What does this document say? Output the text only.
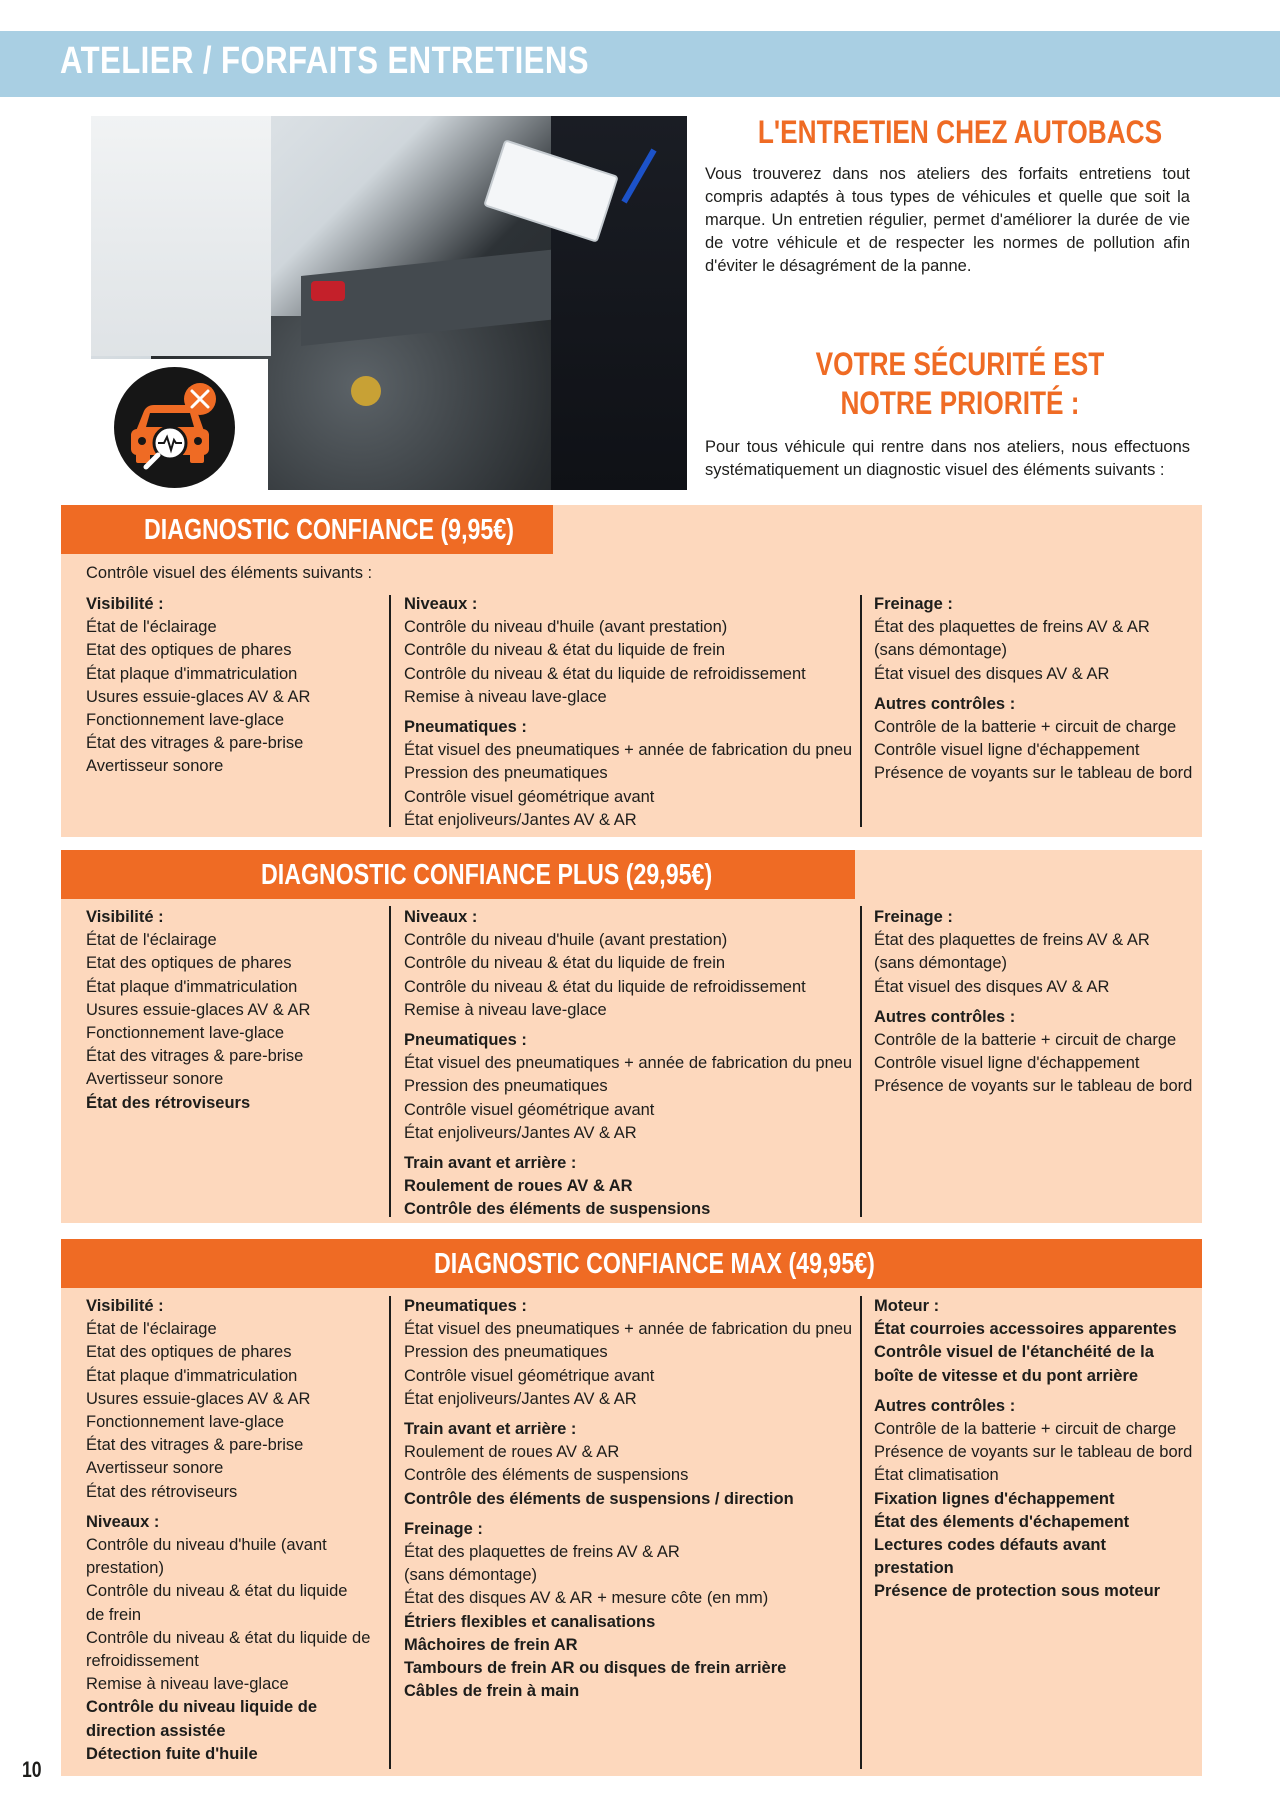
ATELIER / FORFAITS ENTRETIENS
L'ENTRETIEN CHEZ AUTOBACS

Vous trouverez dans nos ateliers des forfaits entretiens tout compris adaptés à tous types de véhicules et quelle que soit la marque. Un entretien régulier, permet d'améliorer la durée de vie de votre véhicule et de respecter les normes de pollution afin d'éviter le désagrément de la panne.

VOTRE SÉCURITÉ EST
NOTRE PRIORITÉ :

Pour tous véhicule qui rentre dans nos ateliers, nous effectuons systématiquement un diagnostic visuel des éléments suivants :

DIAGNOSTIC CONFIANCE (9,95€)
DIAGNOSTIC CONFIANCE PLUS (29,95€)
DIAGNOSTIC CONFIANCE MAX (49,95€)
Contrôle visuel des éléments suivants :
Visibilité :
État de l'éclairage
Etat des optiques de phares
État plaque d'immatriculation
Usures essuie-glaces AV & AR
Fonctionnement lave-glace
État des vitrages & pare-brise
Avertisseur sonore
Niveaux :
Contrôle du niveau d'huile (avant prestation)
Contrôle du niveau & état du liquide de frein
Contrôle du niveau & état du liquide de refroidissement
Remise à niveau lave-glace
Pneumatiques :
État visuel des pneumatiques + année de fabrication du pneu
Pression des pneumatiques
Contrôle visuel géométrique avant
État enjoliveurs/Jantes AV & AR
Freinage :
État des plaquettes de freins AV & AR
(sans démontage)
État visuel des disques AV & AR
Autres contrôles :
Contrôle de la batterie + circuit de charge
Contrôle visuel ligne d'échappement
Présence de voyants sur le tableau de bord
Visibilité :
État de l'éclairage
Etat des optiques de phares
État plaque d'immatriculation
Usures essuie-glaces AV & AR
Fonctionnement lave-glace
État des vitrages & pare-brise
Avertisseur sonore
État des rétroviseurs
Niveaux :
Contrôle du niveau d'huile (avant prestation)
Contrôle du niveau & état du liquide de frein
Contrôle du niveau & état du liquide de refroidissement
Remise à niveau lave-glace
Pneumatiques :
État visuel des pneumatiques + année de fabrication du pneu
Pression des pneumatiques
Contrôle visuel géométrique avant
État enjoliveurs/Jantes AV & AR
Train avant et arrière :
Roulement de roues AV & AR
Contrôle des éléments de suspensions
Freinage :
État des plaquettes de freins AV & AR
(sans démontage)
État visuel des disques AV & AR
Autres contrôles :
Contrôle de la batterie + circuit de charge
Contrôle visuel ligne d'échappement
Présence de voyants sur le tableau de bord
Visibilité :
État de l'éclairage
Etat des optiques de phares
État plaque d'immatriculation
Usures essuie-glaces AV & AR
Fonctionnement lave-glace
État des vitrages & pare-brise
Avertisseur sonore
État des rétroviseurs
Niveaux :
Contrôle du niveau d'huile (avant
prestation)
Contrôle du niveau & état du liquide
de frein
Contrôle du niveau & état du liquide de
refroidissement
Remise à niveau lave-glace
Contrôle du niveau liquide de
direction assistée
Détection fuite d'huile
Pneumatiques :
État visuel des pneumatiques + année de fabrication du pneu
Pression des pneumatiques
Contrôle visuel géométrique avant
État enjoliveurs/Jantes AV & AR
Train avant et arrière :
Roulement de roues AV & AR
Contrôle des éléments de suspensions
Contrôle des éléments de suspensions / direction
Freinage :
État des plaquettes de freins AV & AR
(sans démontage)
État des disques AV & AR + mesure côte (en mm)
Étriers flexibles et canalisations
Mâchoires de frein AR
Tambours de frein AR ou disques de frein arrière
Câbles de frein à main
Moteur :
État courroies accessoires apparentes
Contrôle visuel de l'étanchéité de la
boîte de vitesse et du pont arrière
Autres contrôles :
Contrôle de la batterie + circuit de charge
Présence de voyants sur le tableau de bord
État climatisation
Fixation lignes d'échappement
État des élements d'échapement
Lectures codes défauts avant
prestation
Présence de protection sous moteur
10
